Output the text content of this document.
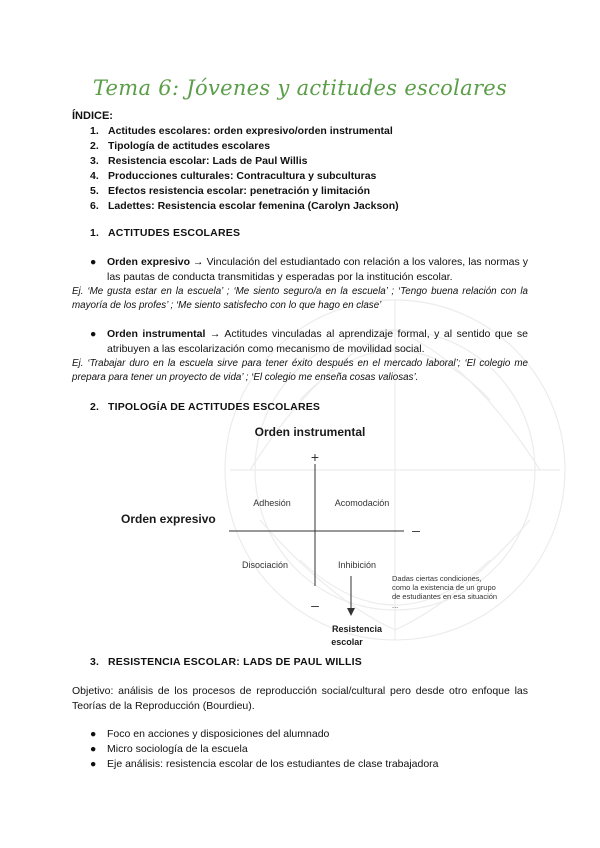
Tema 6: Jóvenes y actitudes escolares
ÍNDICE:
1. Actitudes escolares: orden expresivo/orden instrumental
2. Tipología de actitudes escolares
3. Resistencia escolar: Lads de Paul Willis
4. Producciones culturales: Contracultura y subculturas
5. Efectos resistencia escolar: penetración y limitación
6. Ladettes: Resistencia escolar femenina (Carolyn Jackson)
1. ACTITUDES ESCOLARES
● Orden expresivo → Vinculación del estudiantado con relación a los valores, las normas y las pautas de conducta transmitidas y esperadas por la institución escolar.
Ej. ‘Me gusta estar en la escuela’ ; ‘Me siento seguro/a en la escuela’ ; ‘Tengo buena relación con la mayoría de los profes’ ; ‘Me siento satisfecho con lo que hago en clase’
● Orden instrumental → Actitudes vinculadas al aprendizaje formal, y al sentido que se atribuyen a las escolarización como mecanismo de movilidad social.
Ej. ‘Trabajar duro en la escuela sirve para tener éxito después en el mercado laboral’; ‘El colegio me prepara para tener un proyecto de vida’ ; ‘El colegio me enseña cosas valiosas’.
2. TIPOLOGÍA DE ACTITUDES ESCOLARES
Orden instrumental
Orden expresivo
+
–
–
Adhesión	Acomodación
Disociación	Inhibición
Dadas ciertas condiciones,
como la existencia de un grupo
de estudiantes en esa situación
...
Resistencia
escolar
3. RESISTENCIA ESCOLAR: LADS DE PAUL WILLIS
Objetivo: análisis de los procesos de reproducción social/cultural pero desde otro enfoque las Teorías de la Reproducción (Bourdieu).
● Foco en acciones y disposiciones del alumnado
● Micro sociología de la escuela
● Eje análisis: resistencia escolar de los estudiantes de clase trabajadora
